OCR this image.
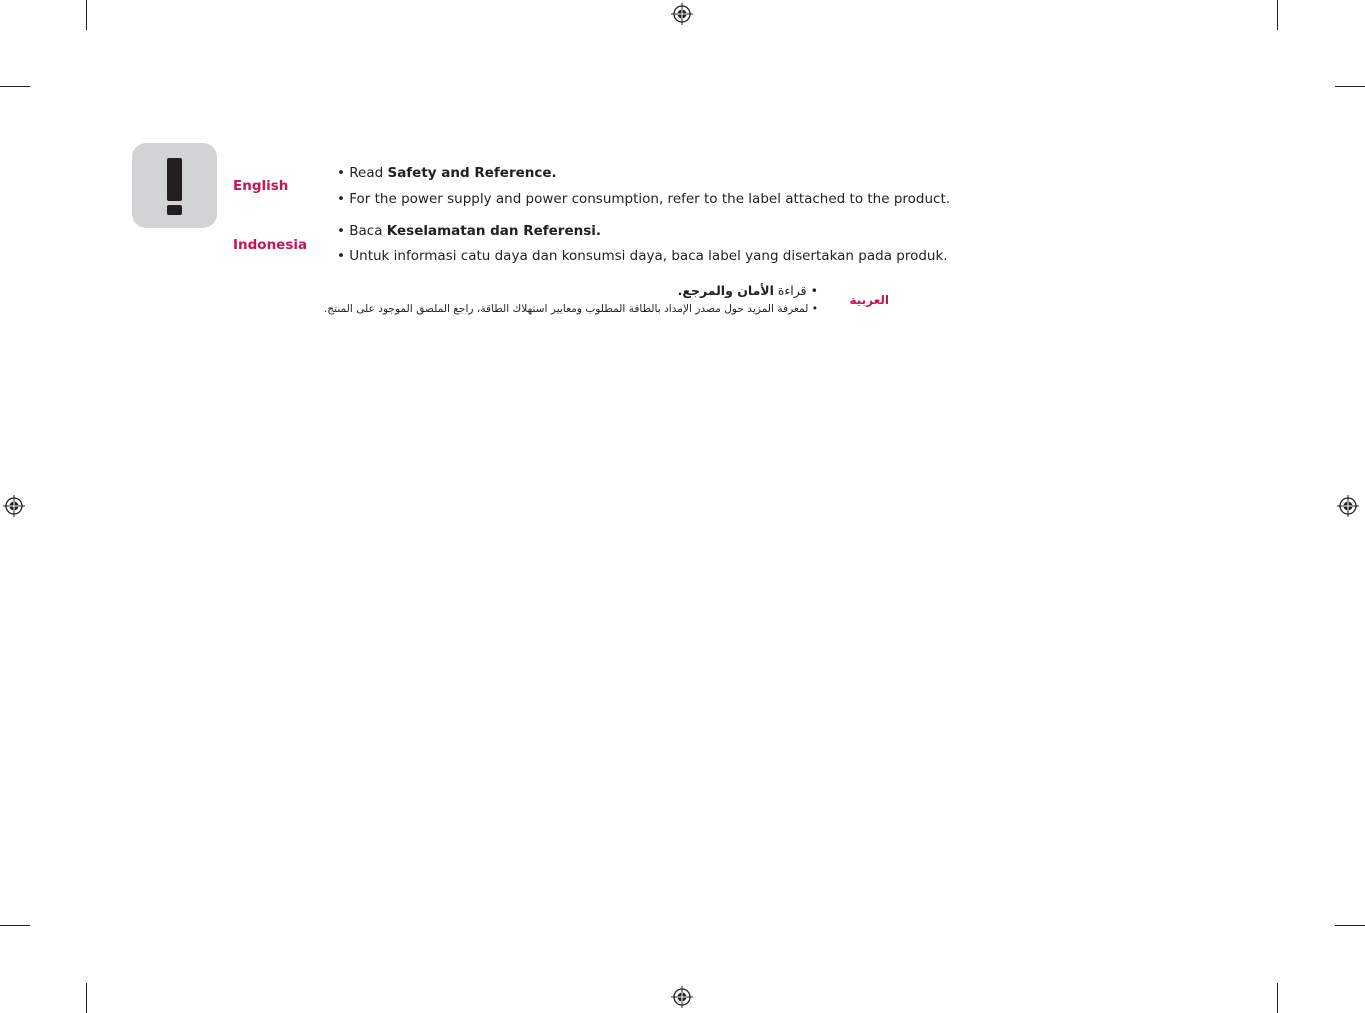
English
• Read Safety and Reference.
• For the power supply and power consumption, refer to the label attached to the product.
Indonesia
• Baca Keselamatan dan Referensi.
• Untuk informasi catu daya dan konsumsi daya, baca label yang disertakan pada produk.
العربية
• قراءة الأمان والمرجع.
• لمعرفة المزيد حول مصدر الإمداد بالطاقة المطلوب ومعايير استهلاك الطاقة، راجع الملصق الموجود على المنتج.
